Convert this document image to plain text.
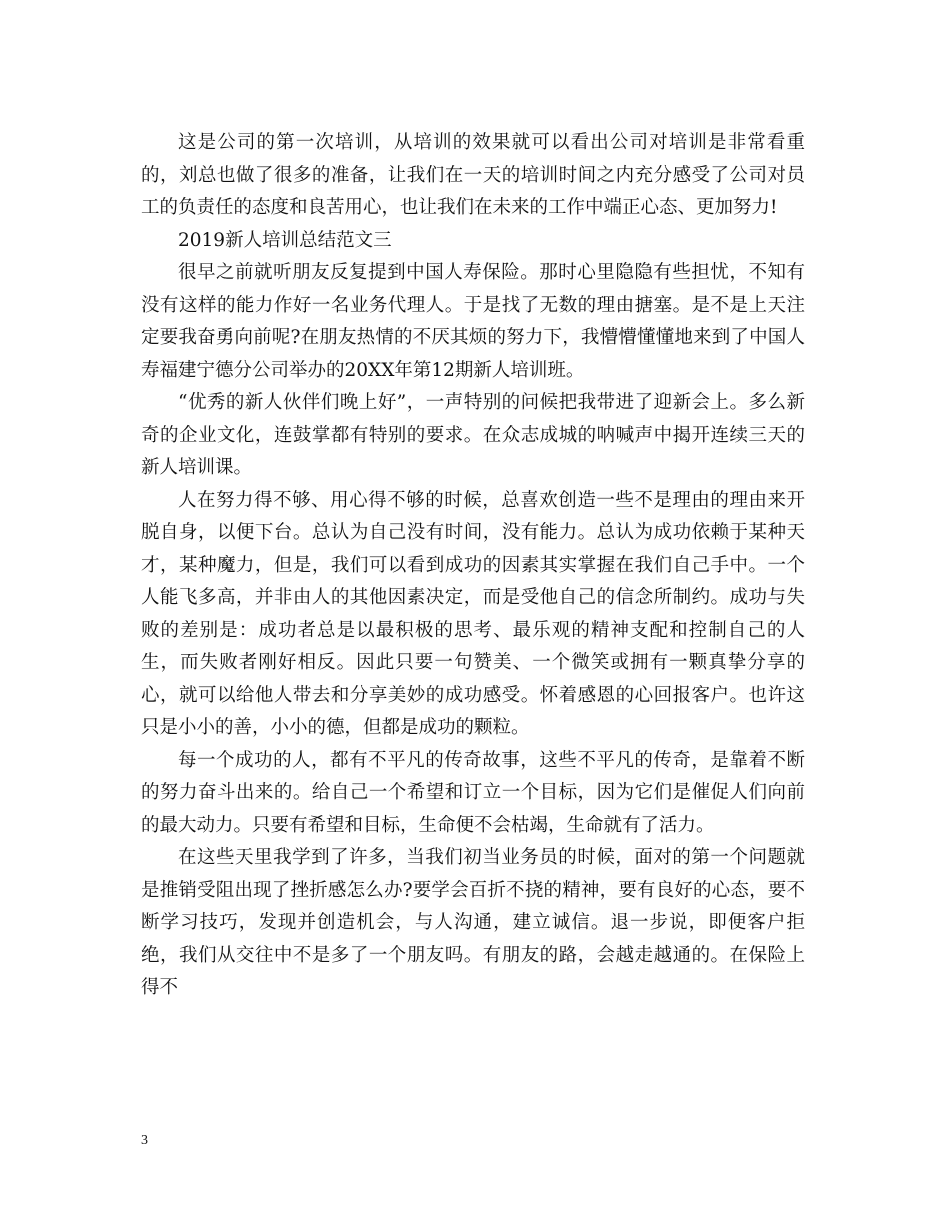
这是公司的第一次培训，从培训的效果就可以看出公司对培训是非常看重的，刘总也做了很多的准备，让我们在一天的培训时间之内充分感受了公司对员工的负责任的态度和良苦用心，也让我们在未来的工作中端正心态、更加努力!

2019新人培训总结范文三

很早之前就听朋友反复提到中国人寿保险。那时心里隐隐有些担忧，不知有没有这样的能力作好一名业务代理人。于是找了无数的理由搪塞。是不是上天注定要我奋勇向前呢?在朋友热情的不厌其烦的努力下，我懵懵懂懂地来到了中国人寿福建宁德分公司举办的20XX年第12期新人培训班。

“优秀的新人伙伴们晚上好”，一声特别的问候把我带进了迎新会上。多么新奇的企业文化，连鼓掌都有特别的要求。在众志成城的呐喊声中揭开连续三天的新人培训课。

人在努力得不够、用心得不够的时候，总喜欢创造一些不是理由的理由来开脱自身，以便下台。总认为自己没有时间，没有能力。总认为成功依赖于某种天才，某种魔力，但是，我们可以看到成功的因素其实掌握在我们自己手中。一个人能飞多高，并非由人的其他因素决定，而是受他自己的信念所制约。成功与失败的差别是：成功者总是以最积极的思考、最乐观的精神支配和控制自己的人生，而失败者刚好相反。因此只要一句赞美、一个微笑或拥有一颗真挚分享的心，就可以给他人带去和分享美妙的成功感受。怀着感恩的心回报客户。也许这只是小小的善，小小的德，但都是成功的颗粒。

每一个成功的人，都有不平凡的传奇故事，这些不平凡的传奇，是靠着不断的努力奋斗出来的。给自己一个希望和订立一个目标，因为它们是催促人们向前的最大动力。只要有希望和目标，生命便不会枯竭，生命就有了活力。

在这些天里我学到了许多，当我们初当业务员的时候，面对的第一个问题就是推销受阻出现了挫折感怎么办?要学会百折不挠的精神，要有良好的心态，要不断学习技巧，发现并创造机会，与人沟通，建立诚信。退一步说，即便客户拒绝，我们从交往中不是多了一个朋友吗。有朋友的路，会越走越通的。在保险上得不

3
